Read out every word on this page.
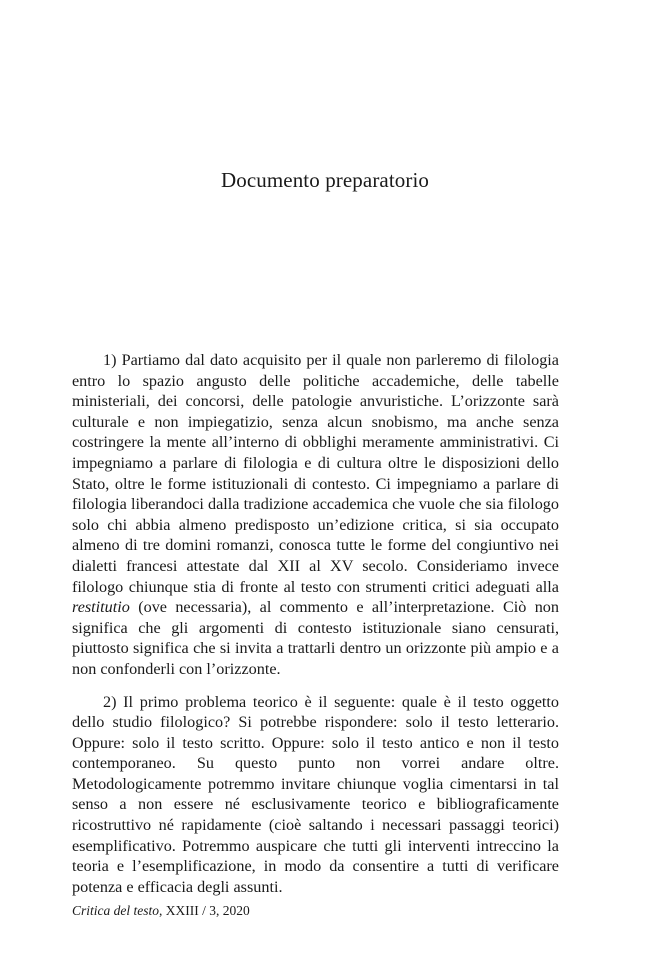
Documento preparatorio

1) Partiamo dal dato acquisito per il quale non parleremo di filologia entro lo spazio angusto delle politiche accademiche, delle tabelle ministeriali, dei concorsi, delle patologie anvuristiche. L’orizzonte sarà culturale e non impiegatizio, senza alcun snobismo, ma anche senza costringere la mente all’interno di obblighi meramente amministrativi. Ci impegniamo a parlare di filologia e di cultura oltre le disposizioni dello Stato, oltre le forme istituzionali di contesto. Ci impegniamo a parlare di filologia liberandoci dalla tradizione accademica che vuole che sia filologo solo chi abbia almeno predisposto un’edizione critica, si sia occupato almeno di tre domini romanzi, conosca tutte le forme del congiuntivo nei dialetti francesi attestate dal XII al XV secolo. Consideriamo invece filologo chiunque stia di fronte al testo con strumenti critici adeguati alla restitutio (ove necessaria), al commento e all’interpretazione. Ciò non significa che gli argomenti di contesto istituzionale siano censurati, piuttosto significa che si invita a trattarli dentro un orizzonte più ampio e a non confonderli con l’orizzonte.

2) Il primo problema teorico è il seguente: quale è il testo oggetto dello studio filologico? Si potrebbe rispondere: solo il testo letterario. Oppure: solo il testo scritto. Oppure: solo il testo antico e non il testo contemporaneo. Su questo punto non vorrei andare oltre. Metodologicamente potremmo invitare chiunque voglia cimentarsi in tal senso a non essere né esclusivamente teorico e bibliograficamente ricostruttivo né rapidamente (cioè saltando i necessari passaggi teorici) esemplificativo. Potremmo auspicare che tutti gli interventi intreccino la teoria e l’esemplificazione, in modo da consentire a tutti di verificare potenza e efficacia degli assunti.

Critica del testo, XXIII / 3, 2020
